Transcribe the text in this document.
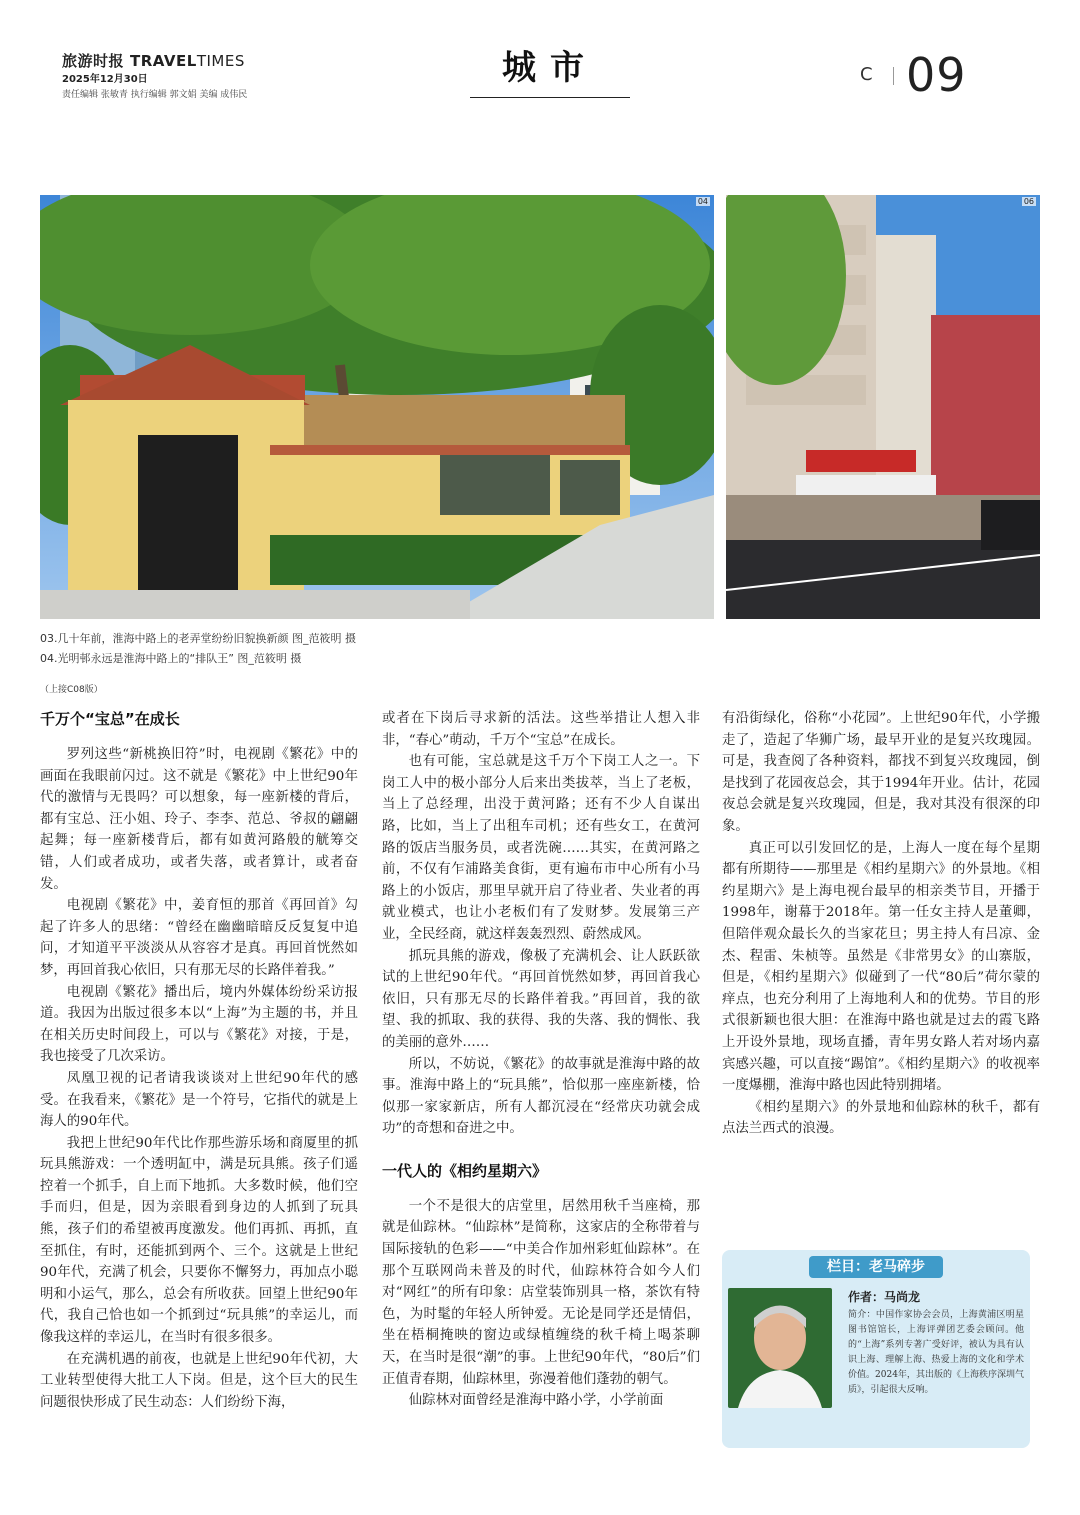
旅游时报 TRAVELTIMES
2025年12月30日
责任编辑 张敏青 执行编辑 郭文娟 美编 成伟民
城市	C 09
04	06
03.几十年前，淮海中路上的老弄堂纷纷旧貌换新颜 图_范筱明 摄
04.光明邨永远是淮海中路上的“排队王” 图_范筱明 摄
（上接C08版）
千万个“宝总”在成长

罗列这些“新桃换旧符”时，电视剧《繁花》中的画面在我眼前闪过。这不就是《繁花》中上世纪90年代的激情与无畏吗？可以想象，每一座新楼的背后，都有宝总、汪小姐、玲子、李李、范总、爷叔的翩翩起舞；每一座新楼背后，都有如黄河路般的觥筹交错，人们或者成功，或者失落，或者算计，或者奋发。

电视剧《繁花》中，姜育恒的那首《再回首》勾起了许多人的思绪：“曾经在幽幽暗暗反反复复中追问，才知道平平淡淡从从容容才是真。再回首恍然如梦，再回首我心依旧，只有那无尽的长路伴着我。”

电视剧《繁花》播出后，境内外媒体纷纷采访报道。我因为出版过很多本以“上海”为主题的书，并且在相关历史时间段上，可以与《繁花》对接，于是，我也接受了几次采访。

凤凰卫视的记者请我谈谈对上世纪90年代的感受。在我看来，《繁花》是一个符号，它指代的就是上海人的90年代。

我把上世纪90年代比作那些游乐场和商厦里的抓玩具熊游戏：一个透明缸中，满是玩具熊。孩子们遥控着一个抓手，自上而下地抓。大多数时候，他们空手而归，但是，因为亲眼看到身边的人抓到了玩具熊，孩子们的希望被再度激发。他们再抓、再抓，直至抓住，有时，还能抓到两个、三个。这就是上世纪90年代，充满了机会，只要你不懈努力，再加点小聪明和小运气，那么，总会有所收获。回望上世纪90年代，我自己恰也如一个抓到过“玩具熊”的幸运儿，而像我这样的幸运儿，在当时有很多很多。

在充满机遇的前夜，也就是上世纪90年代初，大工业转型使得大批工人下岗。但是，这个巨大的民生问题很快形成了民生动态：人们纷纷下海，

或者在下岗后寻求新的活法。这些举措让人想入非非，“春心”萌动，千万个“宝总”在成长。

也有可能，宝总就是这千万个下岗工人之一。下岗工人中的极小部分人后来出类拔萃，当上了老板，当上了总经理，出没于黄河路；还有不少人自谋出路，比如，当上了出租车司机；还有些女工，在黄河路的饭店当服务员，或者洗碗……其实，在黄河路之前，不仅有乍浦路美食街，更有遍布市中心所有小马路上的小饭店，那里早就开启了待业者、失业者的再就业模式，也让小老板们有了发财梦。发展第三产业，全民经商，就这样轰轰烈烈、蔚然成风。

抓玩具熊的游戏，像极了充满机会、让人跃跃欲试的上世纪90年代。“再回首恍然如梦，再回首我心依旧，只有那无尽的长路伴着我。”再回首，我的欲望、我的抓取、我的获得、我的失落、我的惆怅、我的美丽的意外……

所以，不妨说，《繁花》的故事就是淮海中路的故事。淮海中路上的“玩具熊”，恰似那一座座新楼，恰似那一家家新店，所有人都沉浸在“经常庆功就会成功”的奇想和奋进之中。

一代人的《相约星期六》

一个不是很大的店堂里，居然用秋千当座椅，那就是仙踪林。“仙踪林”是简称，这家店的全称带着与国际接轨的色彩——“中美合作加州彩虹仙踪林”。在那个互联网尚未普及的时代，仙踪林符合如今人们对“网红”的所有印象：店堂装饰别具一格，茶饮有特色，为时髦的年轻人所钟爱。无论是同学还是情侣，坐在梧桐掩映的窗边或绿植缠绕的秋千椅上喝茶聊天，在当时是很“潮”的事。上世纪90年代，“80后”们正值青春期，仙踪林里，弥漫着他们蓬勃的朝气。

仙踪林对面曾经是淮海中路小学，小学前面

有沿街绿化，俗称“小花园”。上世纪90年代，小学搬走了，造起了华狮广场，最早开业的是复兴玫瑰园。可是，我查阅了各种资料，都找不到复兴玫瑰园，倒是找到了花园夜总会，其于1994年开业。估计，花园夜总会就是复兴玫瑰园，但是，我对其没有很深的印象。

真正可以引发回忆的是，上海人一度在每个星期都有所期待——那里是《相约星期六》的外景地。《相约星期六》是上海电视台最早的相亲类节目，开播于1998年，谢幕于2018年。第一任女主持人是董卿，但陪伴观众最长久的当家花旦；男主持人有吕凉、金杰、程雷、朱桢等。虽然是《非常男女》的山寨版，但是，《相约星期六》似碰到了一代“80后”荷尔蒙的痒点，也充分利用了上海地利人和的优势。节目的形式很新颖也很大胆：在淮海中路也就是过去的霞飞路上开设外景地，现场直播，青年男女路人若对场内嘉宾感兴趣，可以直接“踢馆”。《相约星期六》的收视率一度爆棚，淮海中路也因此特别拥堵。

《相约星期六》的外景地和仙踪林的秋千，都有点法兰西式的浪漫。

栏目：老马碎步
作者：马尚龙
简介：中国作家协会会员，上海黄浦区明星图书馆馆长，上海评弹团艺委会顾问。他的“上海”系列专著广受好评，被认为具有认识上海、理解上海、热爱上海的文化和学术价值。2024年，其出版的《上海秩序深圳气质》，引起很大反响。
